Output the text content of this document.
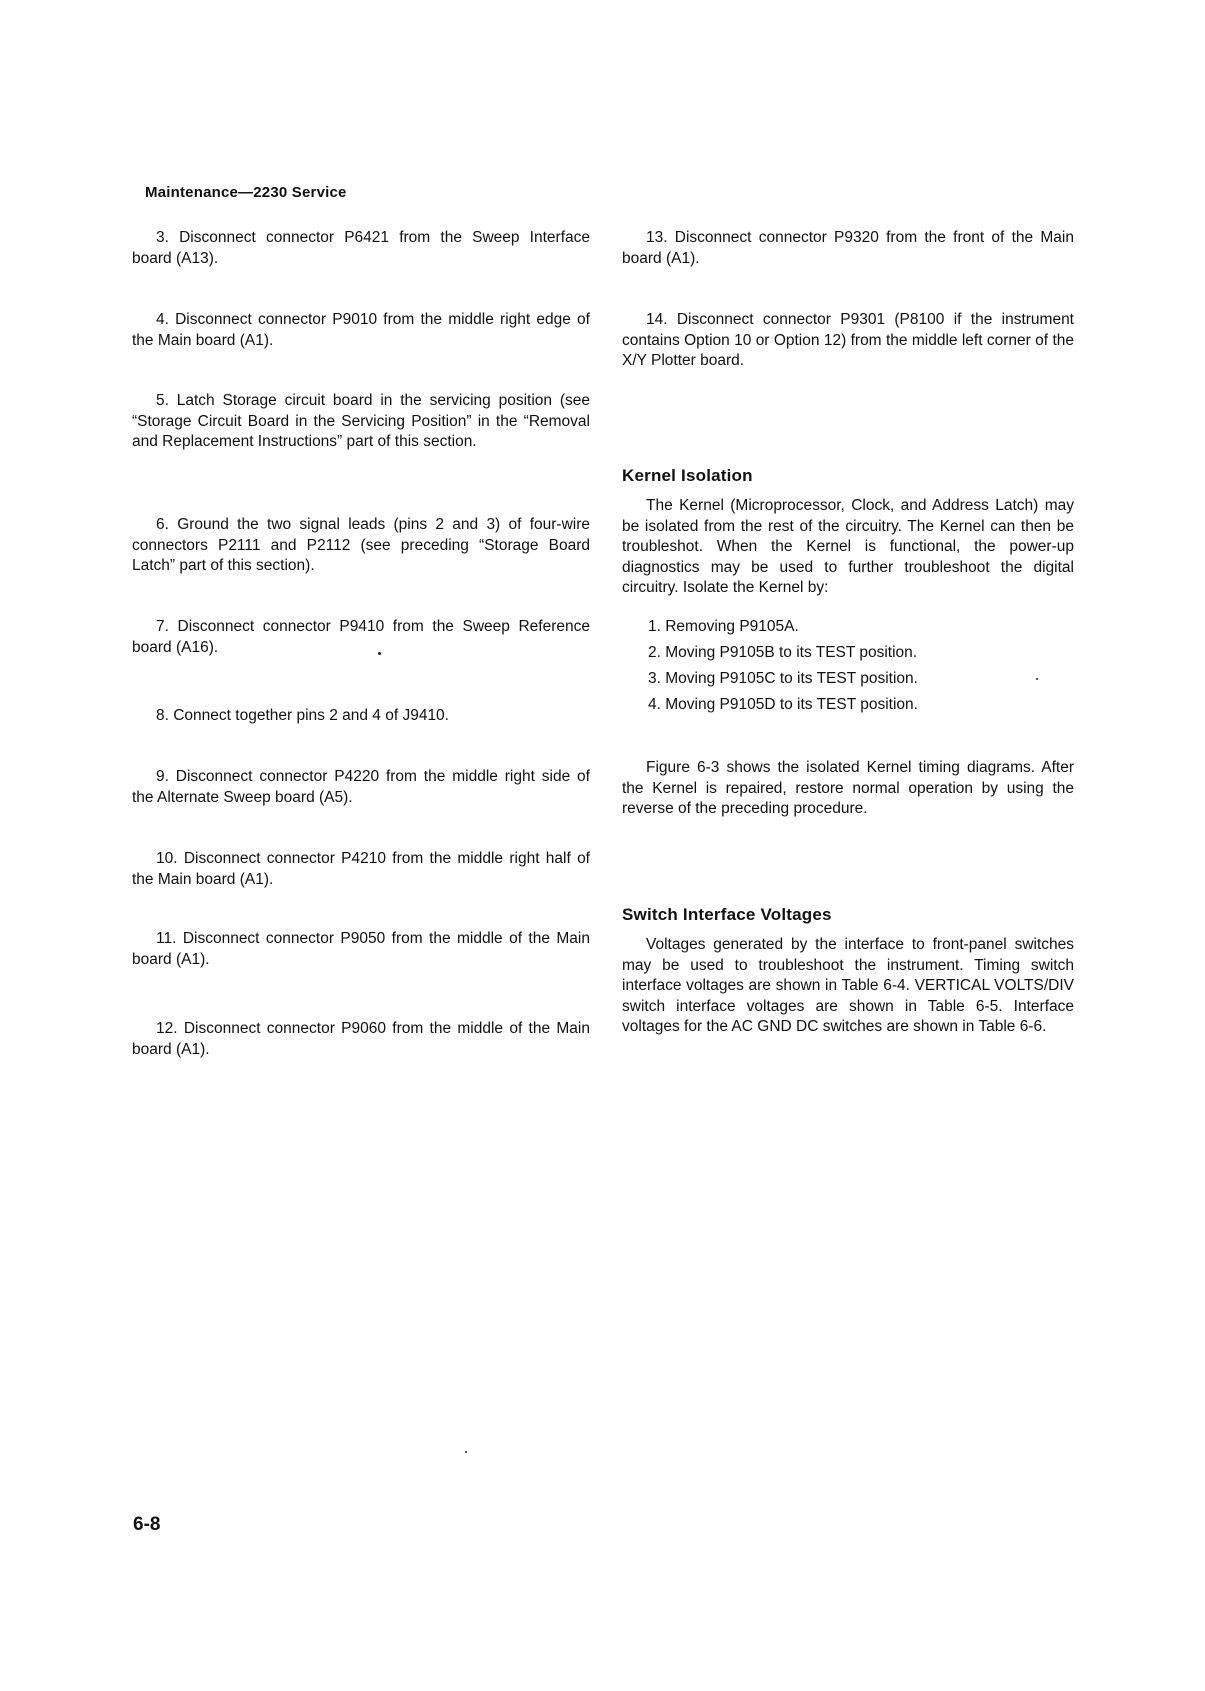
Maintenance—2230 Service

3. Disconnect connector P6421 from the Sweep Interface board (A13).

4. Disconnect connector P9010 from the middle right edge of the Main board (A1).

5. Latch Storage circuit board in the servicing position (see “Storage Circuit Board in the Servicing Position” in the “Removal and Replacement Instructions” part of this section.

6. Ground the two signal leads (pins 2 and 3) of four-wire connectors P2111 and P2112 (see preceding “Storage Board Latch” part of this section).

7. Disconnect connector P9410 from the Sweep Reference board (A16).

8. Connect together pins 2 and 4 of J9410.

9. Disconnect connector P4220 from the middle right side of the Alternate Sweep board (A5).

10. Disconnect connector P4210 from the middle right half of the Main board (A1).

11. Disconnect connector P9050 from the middle of the Main board (A1).

12. Disconnect connector P9060 from the middle of the Main board (A1).

13. Disconnect connector P9320 from the front of the Main board (A1).

14. Disconnect connector P9301 (P8100 if the instrument contains Option 10 or Option 12) from the middle left corner of the X/Y Plotter board.

Kernel Isolation

The Kernel (Microprocessor, Clock, and Address Latch) may be isolated from the rest of the circuitry. The Kernel can then be troubleshot. When the Kernel is functional, the power-up diagnostics may be used to further troubleshoot the digital circuitry. Isolate the Kernel by:

1. Removing P9105A.
2. Moving P9105B to its TEST position.
3. Moving P9105C to its TEST position.
4. Moving P9105D to its TEST position.

Figure 6-3 shows the isolated Kernel timing diagrams. After the Kernel is repaired, restore normal operation by using the reverse of the preceding procedure.

Switch Interface Voltages

Voltages generated by the interface to front-panel switches may be used to troubleshoot the instrument. Timing switch interface voltages are shown in Table 6-4. VERTICAL VOLTS/DIV switch interface voltages are shown in Table 6-5. Interface voltages for the AC GND DC switches are shown in Table 6-6.

6-8
